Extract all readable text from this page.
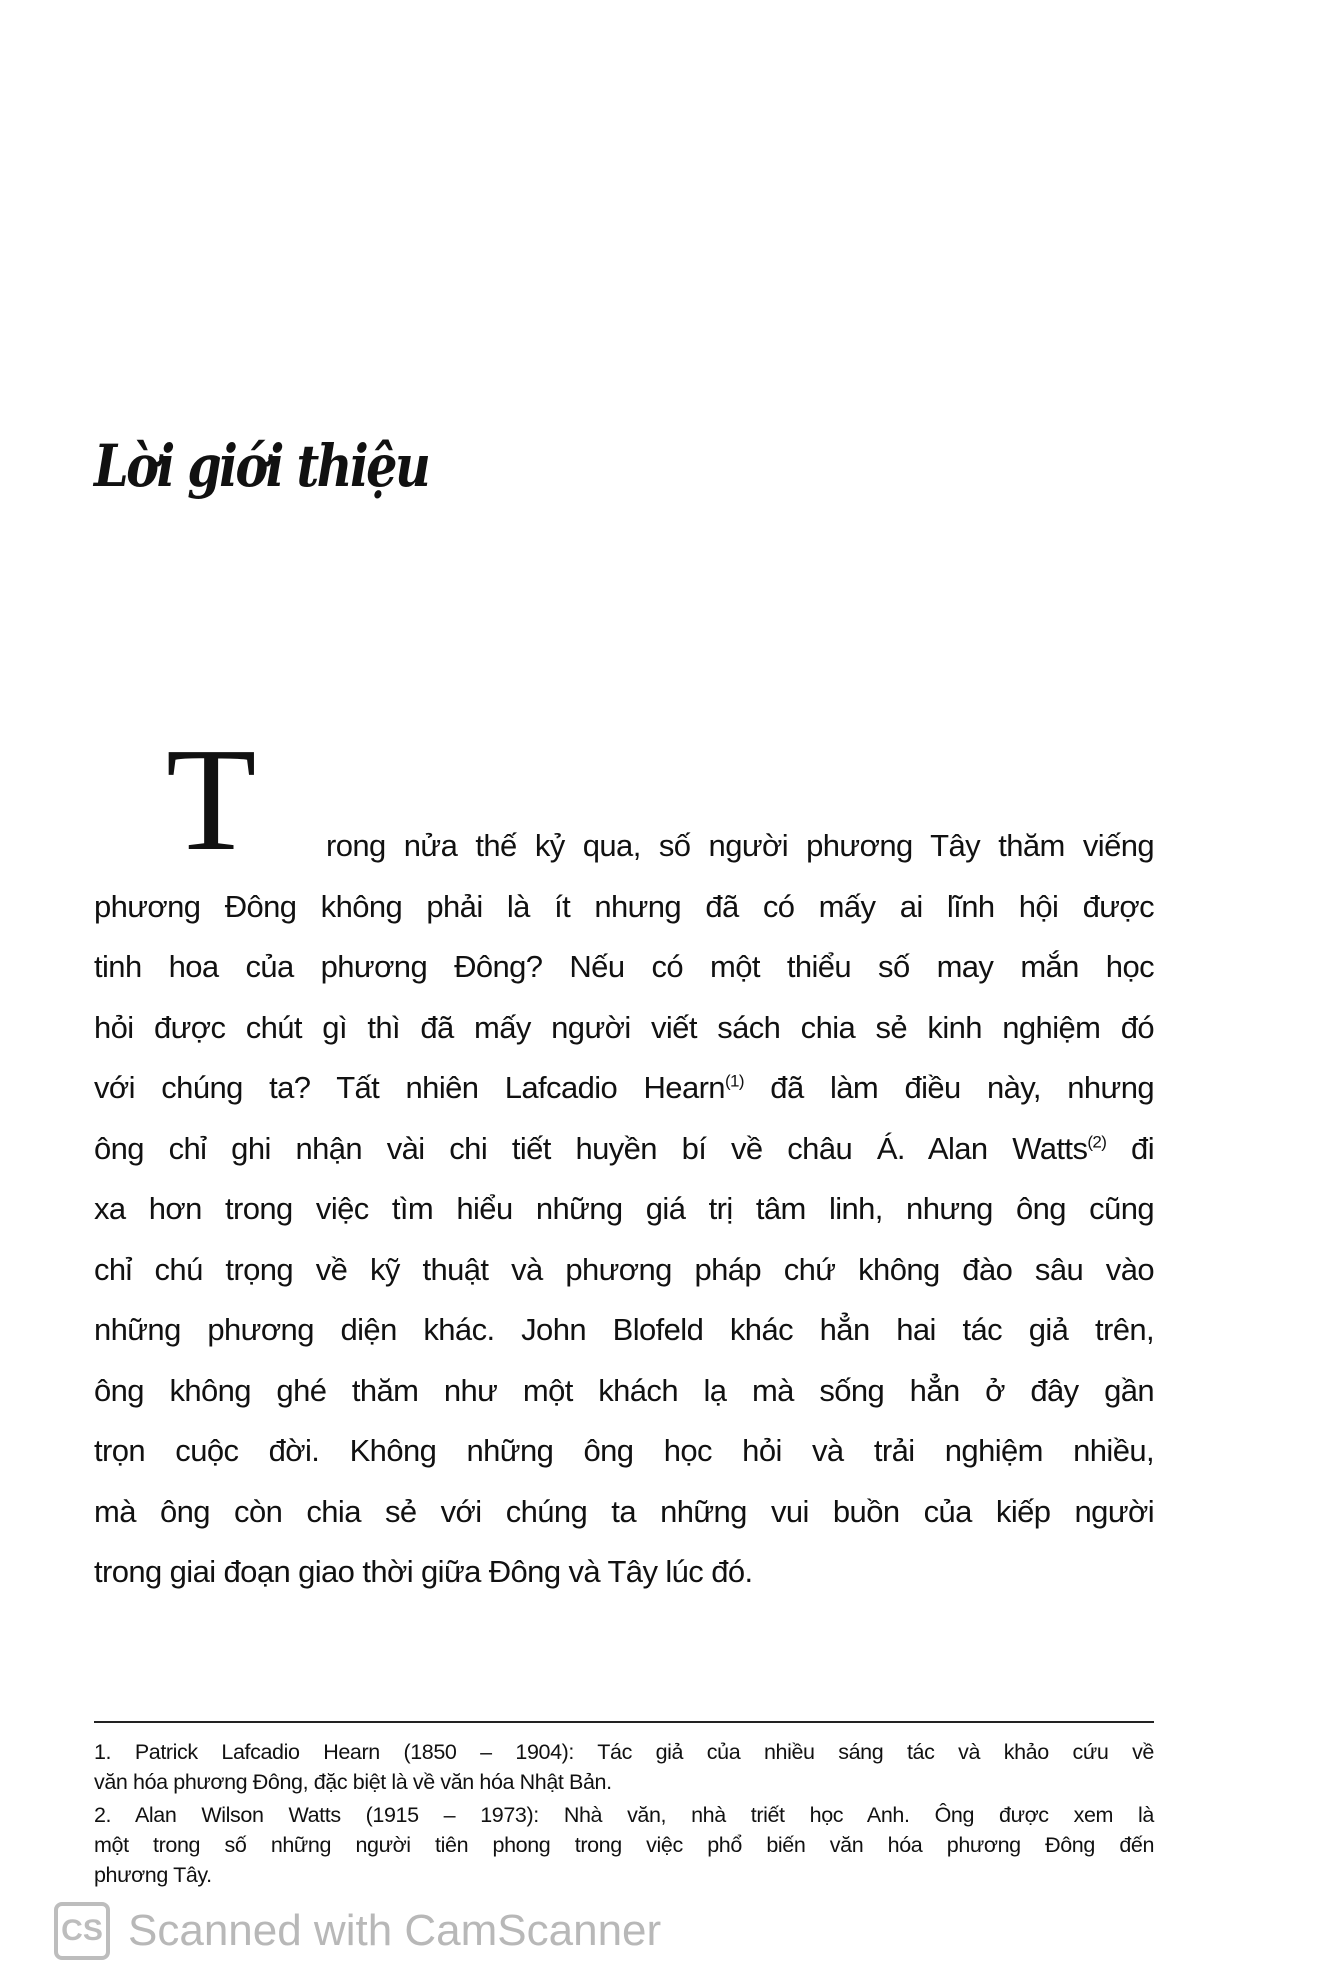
Lời giới thiệu
T rong nửa thế kỷ qua, số người phương Tây thăm viếng
phương Đông không phải là ít nhưng đã có mấy ai lĩnh hội được
tinh hoa của phương Đông? Nếu có một thiểu số may mắn học
hỏi được chút gì thì đã mấy người viết sách chia sẻ kinh nghiệm đó
với chúng ta? Tất nhiên Lafcadio Hearn$^{(1)}$ đã làm điều này, nhưng
ông chỉ ghi nhận vài chi tiết huyền bí về châu Á. Alan Watts$^{(2)}$ đi
xa hơn trong việc tìm hiểu những giá trị tâm linh, nhưng ông cũng
chỉ chú trọng về kỹ thuật và phương pháp chứ không đào sâu vào
những phương diện khác. John Blofeld khác hẳn hai tác giả trên,
ông không ghé thăm như một khách lạ mà sống hẳn ở đây gần
trọn cuộc đời. Không những ông học hỏi và trải nghiệm nhiều,
mà ông còn chia sẻ với chúng ta những vui buồn của kiếp người
trong giai đoạn giao thời giữa Đông và Tây lúc đó.
1. Patrick Lafcadio Hearn (1850 – 1904): Tác giả của nhiều sáng tác và khảo cứu về
văn hóa phương Đông, đặc biệt là về văn hóa Nhật Bản.
2. Alan Wilson Watts (1915 – 1973): Nhà văn, nhà triết học Anh. Ông được xem là
một trong số những người tiên phong trong việc phổ biến văn hóa phương Đông đến
phương Tây.
CS Scanned with CamScanner
